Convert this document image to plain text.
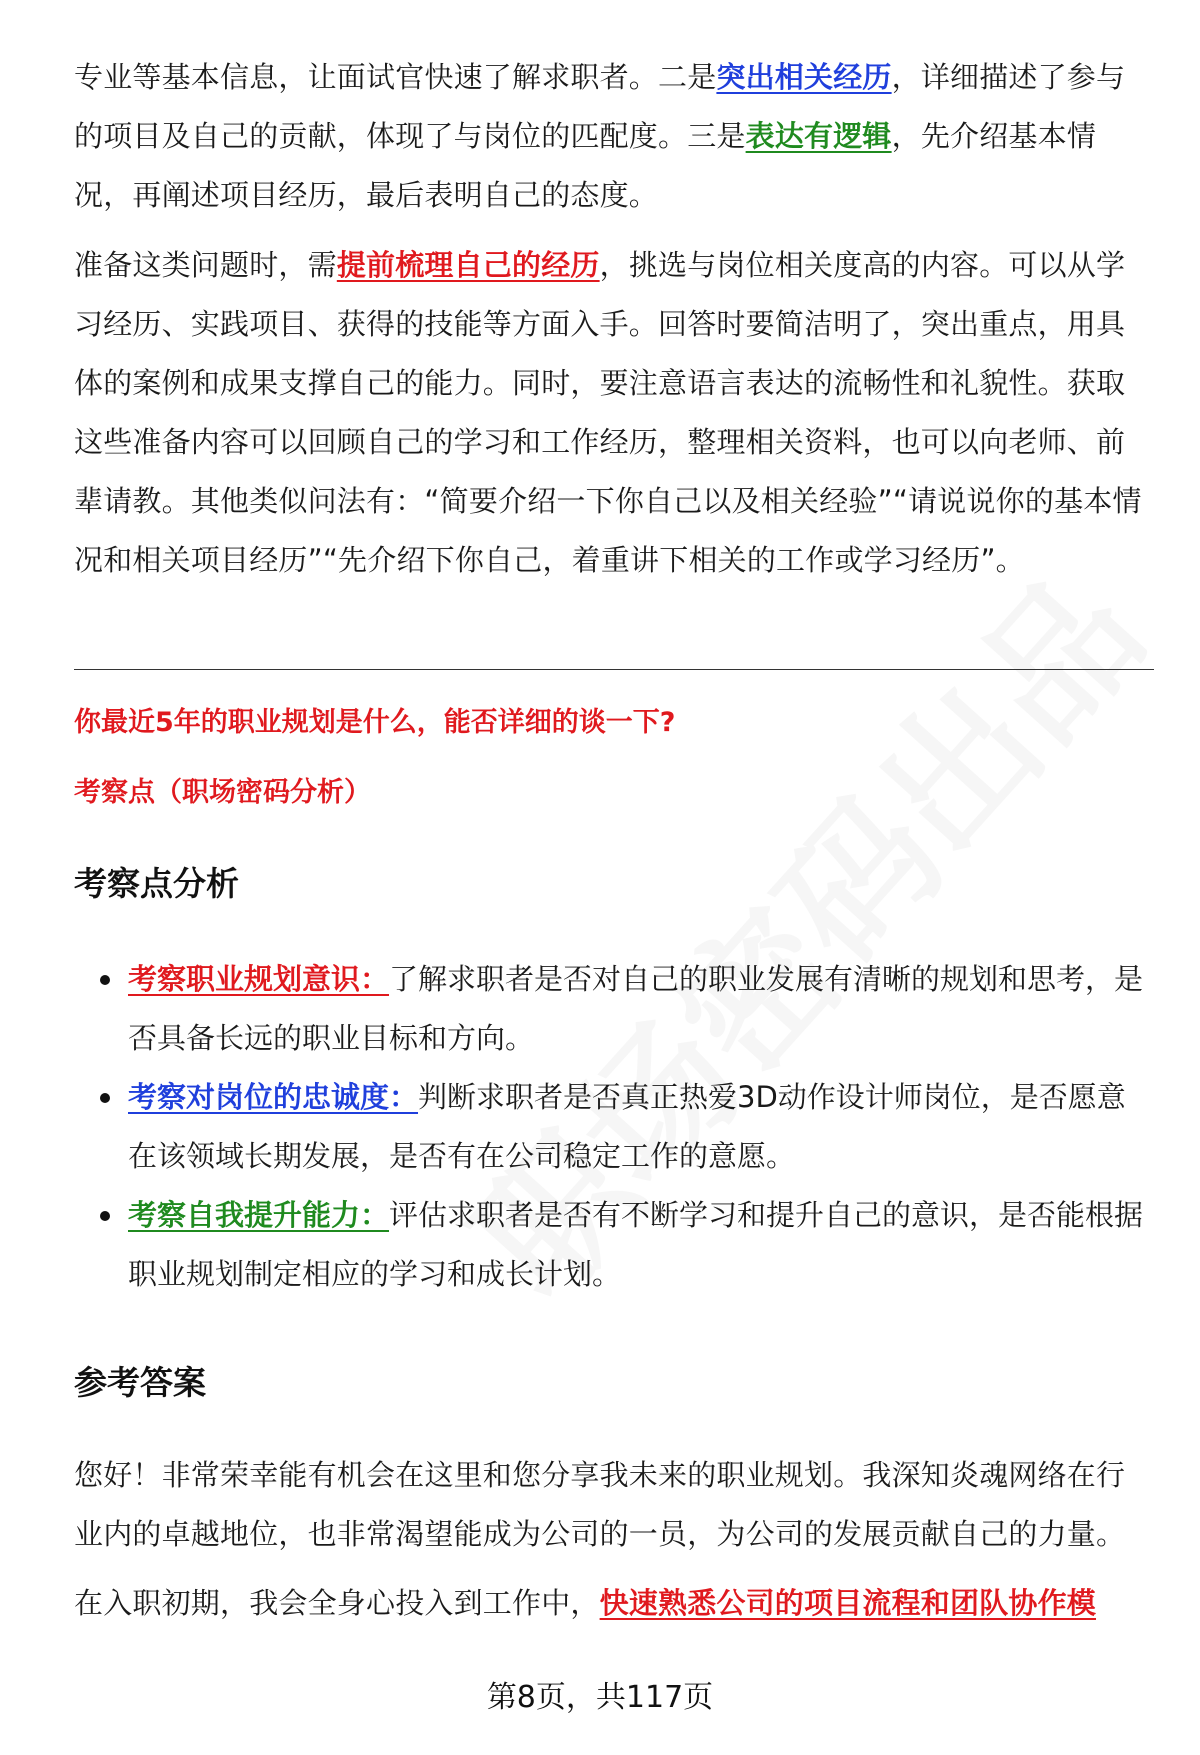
专业等基本信息，让面试官快速了解求职者。二是突出相关经历，详细描述了参与的项目及自己的贡献，体现了与岗位的匹配度。三是表达有逻辑，先介绍基本情况，再阐述项目经历，最后表明自己的态度。

准备这类问题时，需提前梳理自己的经历，挑选与岗位相关度高的内容。可以从学习经历、实践项目、获得的技能等方面入手。回答时要简洁明了，突出重点，用具体的案例和成果支撑自己的能力。同时，要注意语言表达的流畅性和礼貌性。获取这些准备内容可以回顾自己的学习和工作经历，整理相关资料，也可以向老师、前辈请教。其他类似问法有：“简要介绍一下你自己以及相关经验”“请说说你的基本情况和相关项目经历”“先介绍下你自己，着重讲下相关的工作或学习经历”。

你最近5年的职业规划是什么，能否详细的谈一下?

考察点（职场密码分析）

考察点分析
考察职业规划意识：了解求职者是否对自己的职业发展有清晰的规划和思考，是否具备长远的职业目标和方向。
考察对岗位的忠诚度：判断求职者是否真正热爱3D动作设计师岗位，是否愿意在该领域长期发展，是否有在公司稳定工作的意愿。
考察自我提升能力：评估求职者是否有不断学习和提升自己的意识，是否能根据职业规划制定相应的学习和成长计划。
参考答案

您好！非常荣幸能有机会在这里和您分享我未来的职业规划。我深知炎魂网络在行业内的卓越地位，也非常渴望能成为公司的一员，为公司的发展贡献自己的力量。

在入职初期，我会全身心投入到工作中，快速熟悉公司的项目流程和团队协作模

第8页，共117页
